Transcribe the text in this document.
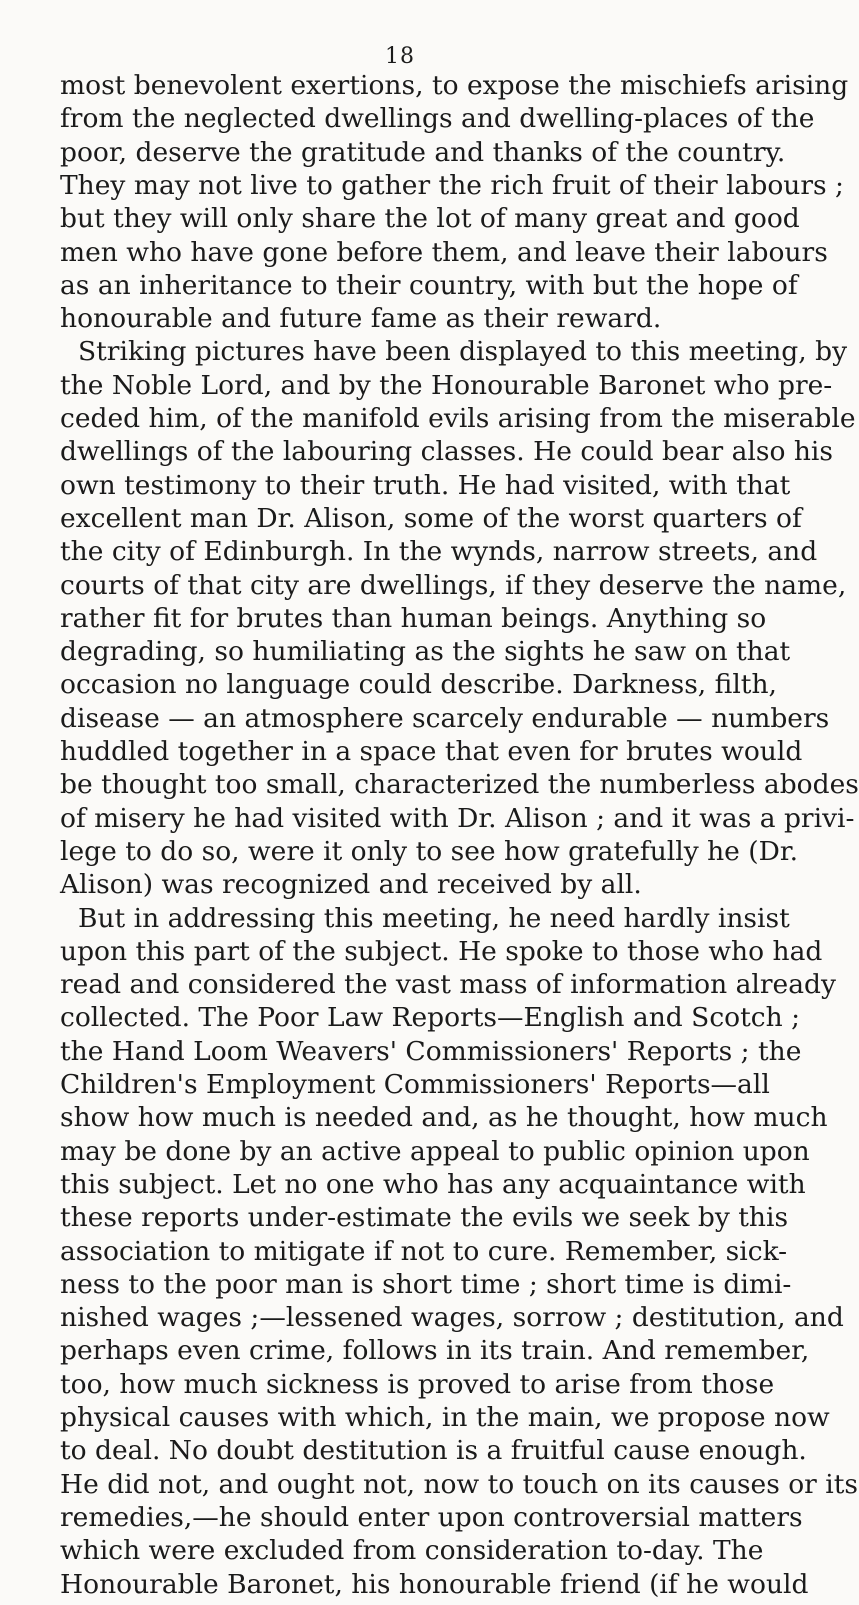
18
most benevolent exertions, to expose the mischiefs arising
from the neglected dwellings and dwelling-places of the
poor, deserve the gratitude and thanks of the country.
They may not live to gather the rich fruit of their labours ;
but they will only share the lot of many great and good
men who have gone before them, and leave their labours
as an inheritance to their country, with but the hope of
honourable and future fame as their reward.
Striking pictures have been displayed to this meeting, by
the Noble Lord, and by the Honourable Baronet who pre-
ceded him, of the manifold evils arising from the miserable
dwellings of the labouring classes. He could bear also his
own testimony to their truth. He had visited, with that
excellent man Dr. Alison, some of the worst quarters of
the city of Edinburgh. In the wynds, narrow streets, and
courts of that city are dwellings, if they deserve the name,
rather fit for brutes than human beings. Anything so
degrading, so humiliating as the sights he saw on that
occasion no language could describe. Darkness, filth,
disease — an atmosphere scarcely endurable — numbers
huddled together in a space that even for brutes would
be thought too small, characterized the numberless abodes
of misery he had visited with Dr. Alison ; and it was a privi-
lege to do so, were it only to see how gratefully he (Dr.
Alison) was recognized and received by all.
But in addressing this meeting, he need hardly insist
upon this part of the subject. He spoke to those who had
read and considered the vast mass of information already
collected. The Poor Law Reports—English and Scotch ;
the Hand Loom Weavers' Commissioners' Reports ; the
Children's Employment Commissioners' Reports—all
show how much is needed and, as he thought, how much
may be done by an active appeal to public opinion upon
this subject. Let no one who has any acquaintance with
these reports under-estimate the evils we seek by this
association to mitigate if not to cure. Remember, sick-
ness to the poor man is short time ; short time is dimi-
nished wages ;—lessened wages, sorrow ; destitution, and
perhaps even crime, follows in its train. And remember,
too, how much sickness is proved to arise from those
physical causes with which, in the main, we propose now
to deal. No doubt destitution is a fruitful cause enough.
He did not, and ought not, now to touch on its causes or its
remedies,—he should enter upon controversial matters
which were excluded from consideration to-day. The
Honourable Baronet, his honourable friend (if he would
